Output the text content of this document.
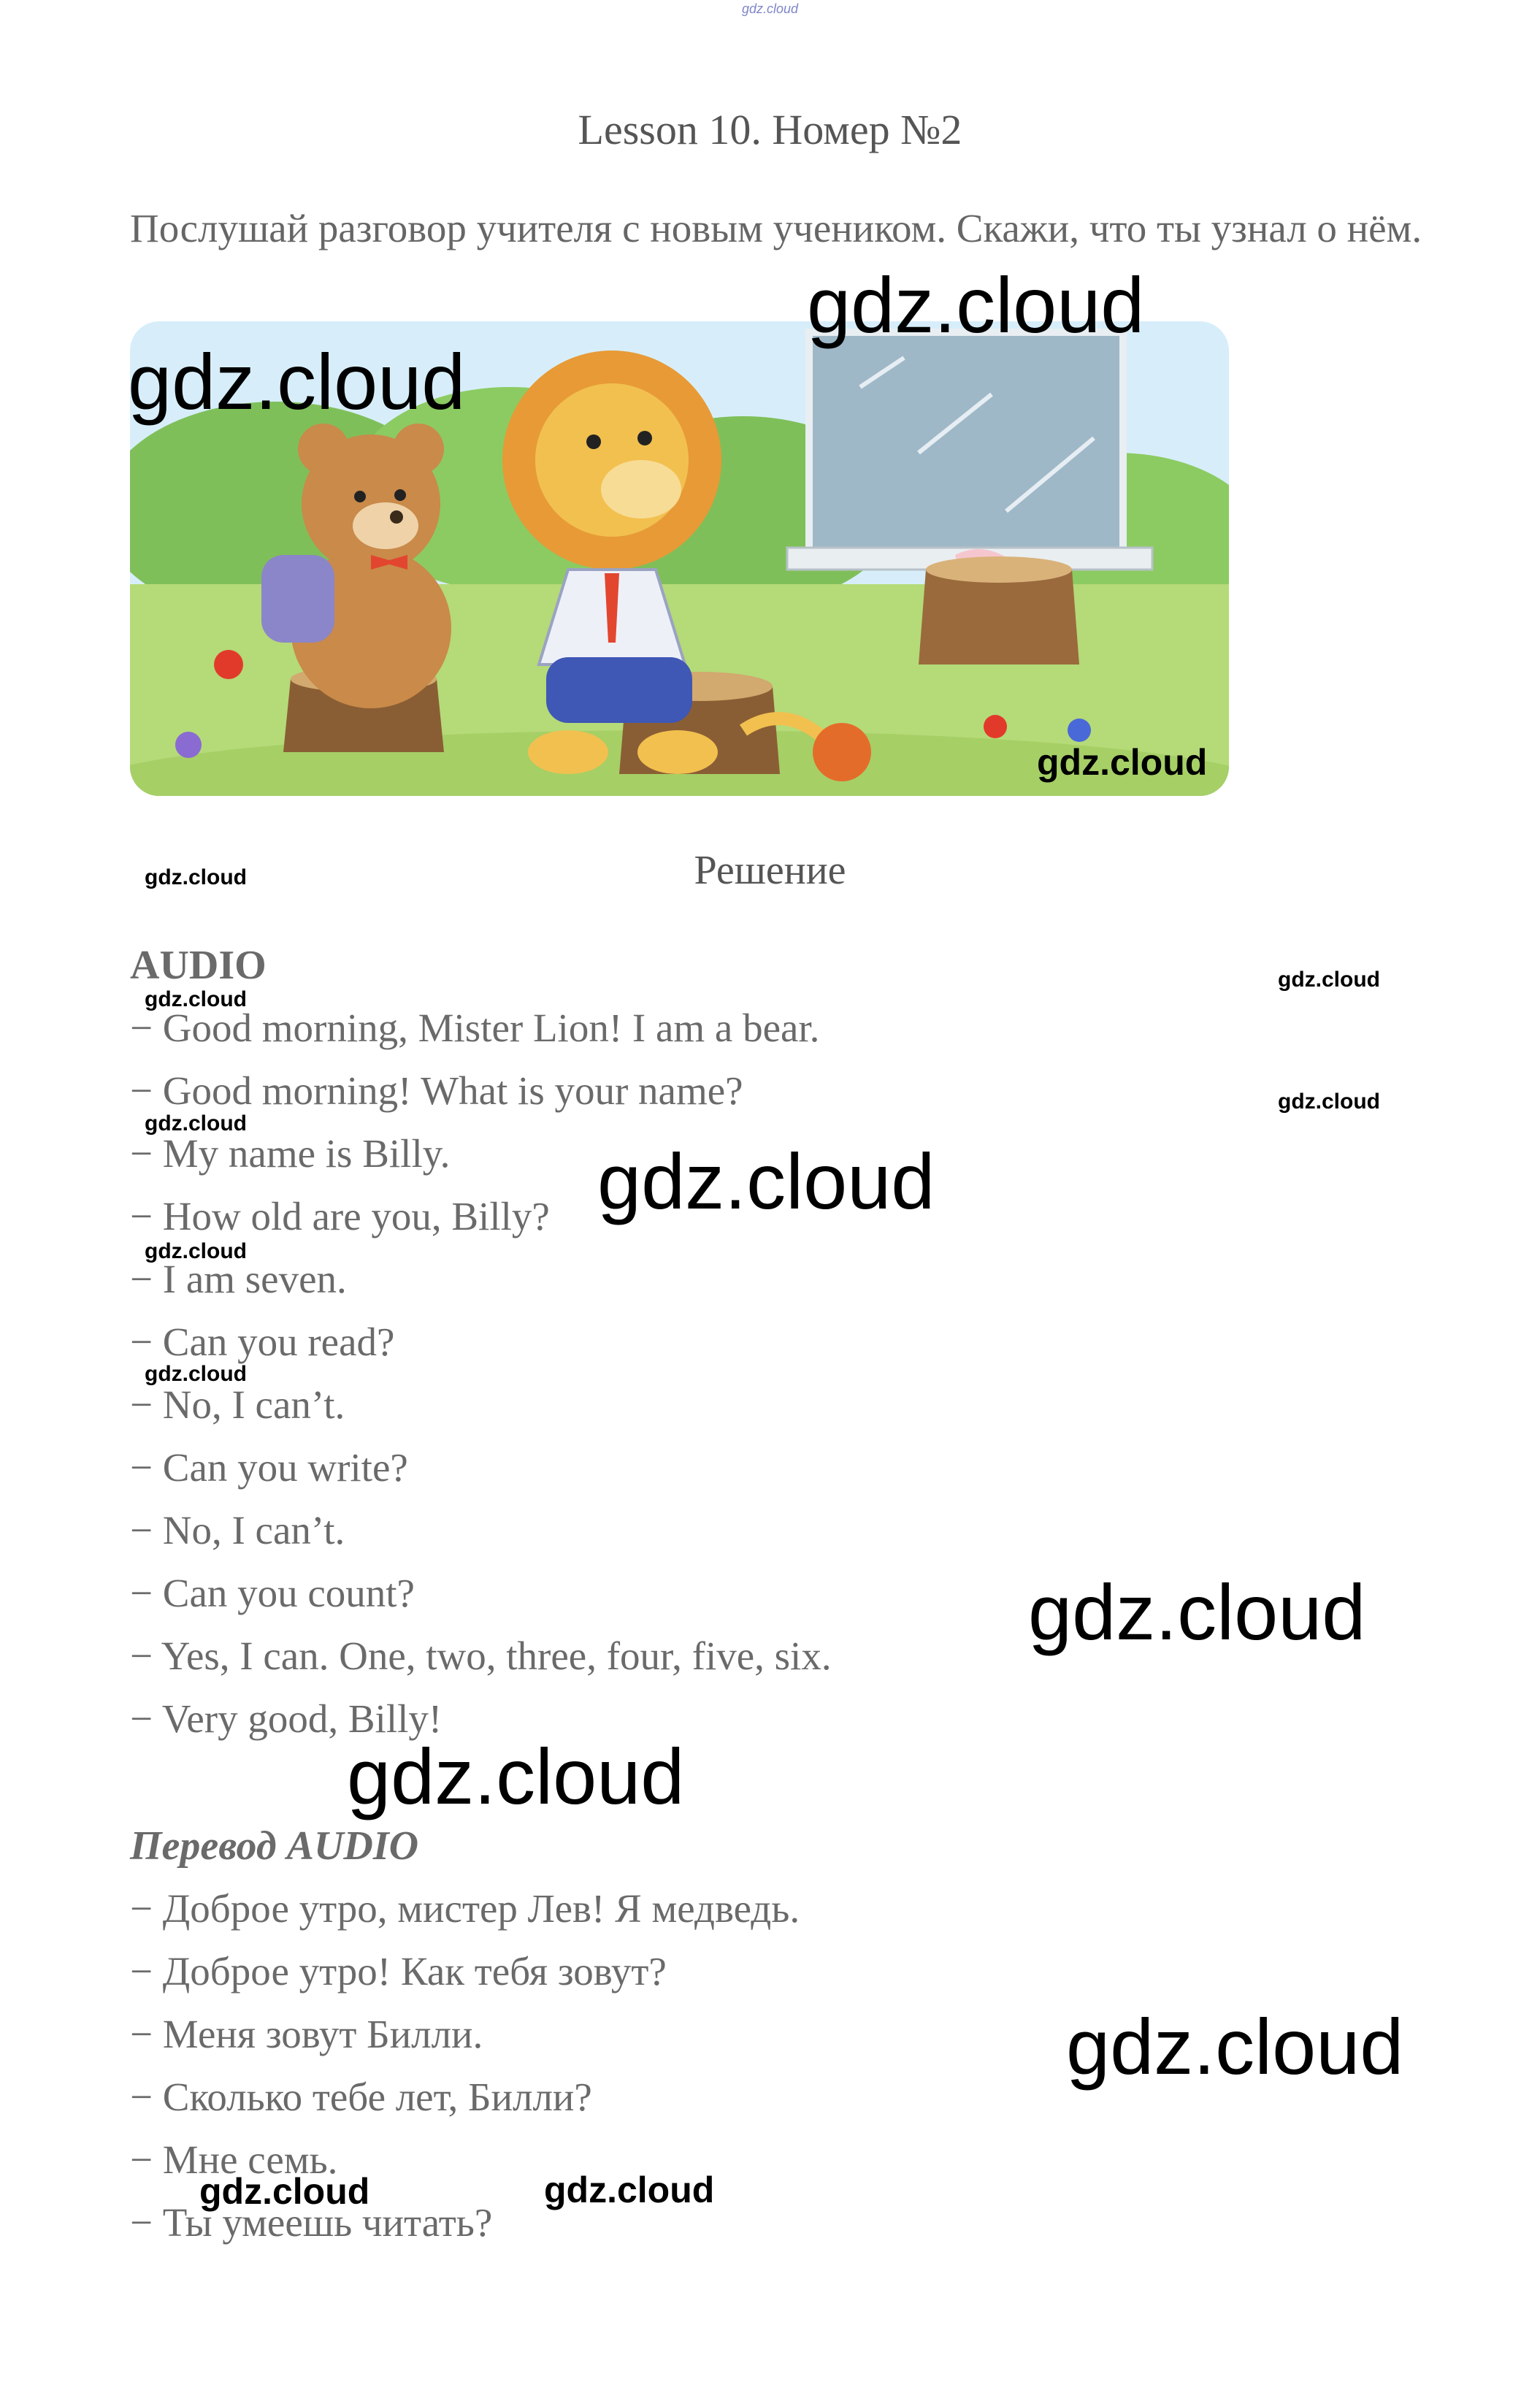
gdz.cloud
Lesson 10. Номер №2
Послушай разговор учителя с новым учеником. Скажи, что ты узнал о нём.
Решение
AUDIO
− Good morning, Mister Lion! I am a bear.
− Good morning! What is your name?
− My name is Billy.
− How old are you, Billy?
− I am seven.
− Can you read?
− No, I can’t.
− Can you write?
− No, I can’t.
− Can you count?
− Yes, I can. One, two, three, four, five, six.
− Very good, Billy!
Перевод AUDIO
− Доброе утро, мистер Лев! Я медведь.
− Доброе утро! Как тебя зовут?
− Меня зовут Билли.
− Сколько тебе лет, Билли?
− Мне семь.
− Ты умеешь читать?
gdz.cloud
gdz.cloud
gdz.cloud
gdz.cloud
gdz.cloud
gdz.cloud
gdz.cloud
gdz.cloud
gdz.cloud
gdz.cloud
gdz.cloud
gdz.cloud
gdz.cloud
gdz.cloud
gdz.cloud	gdz.cloud
